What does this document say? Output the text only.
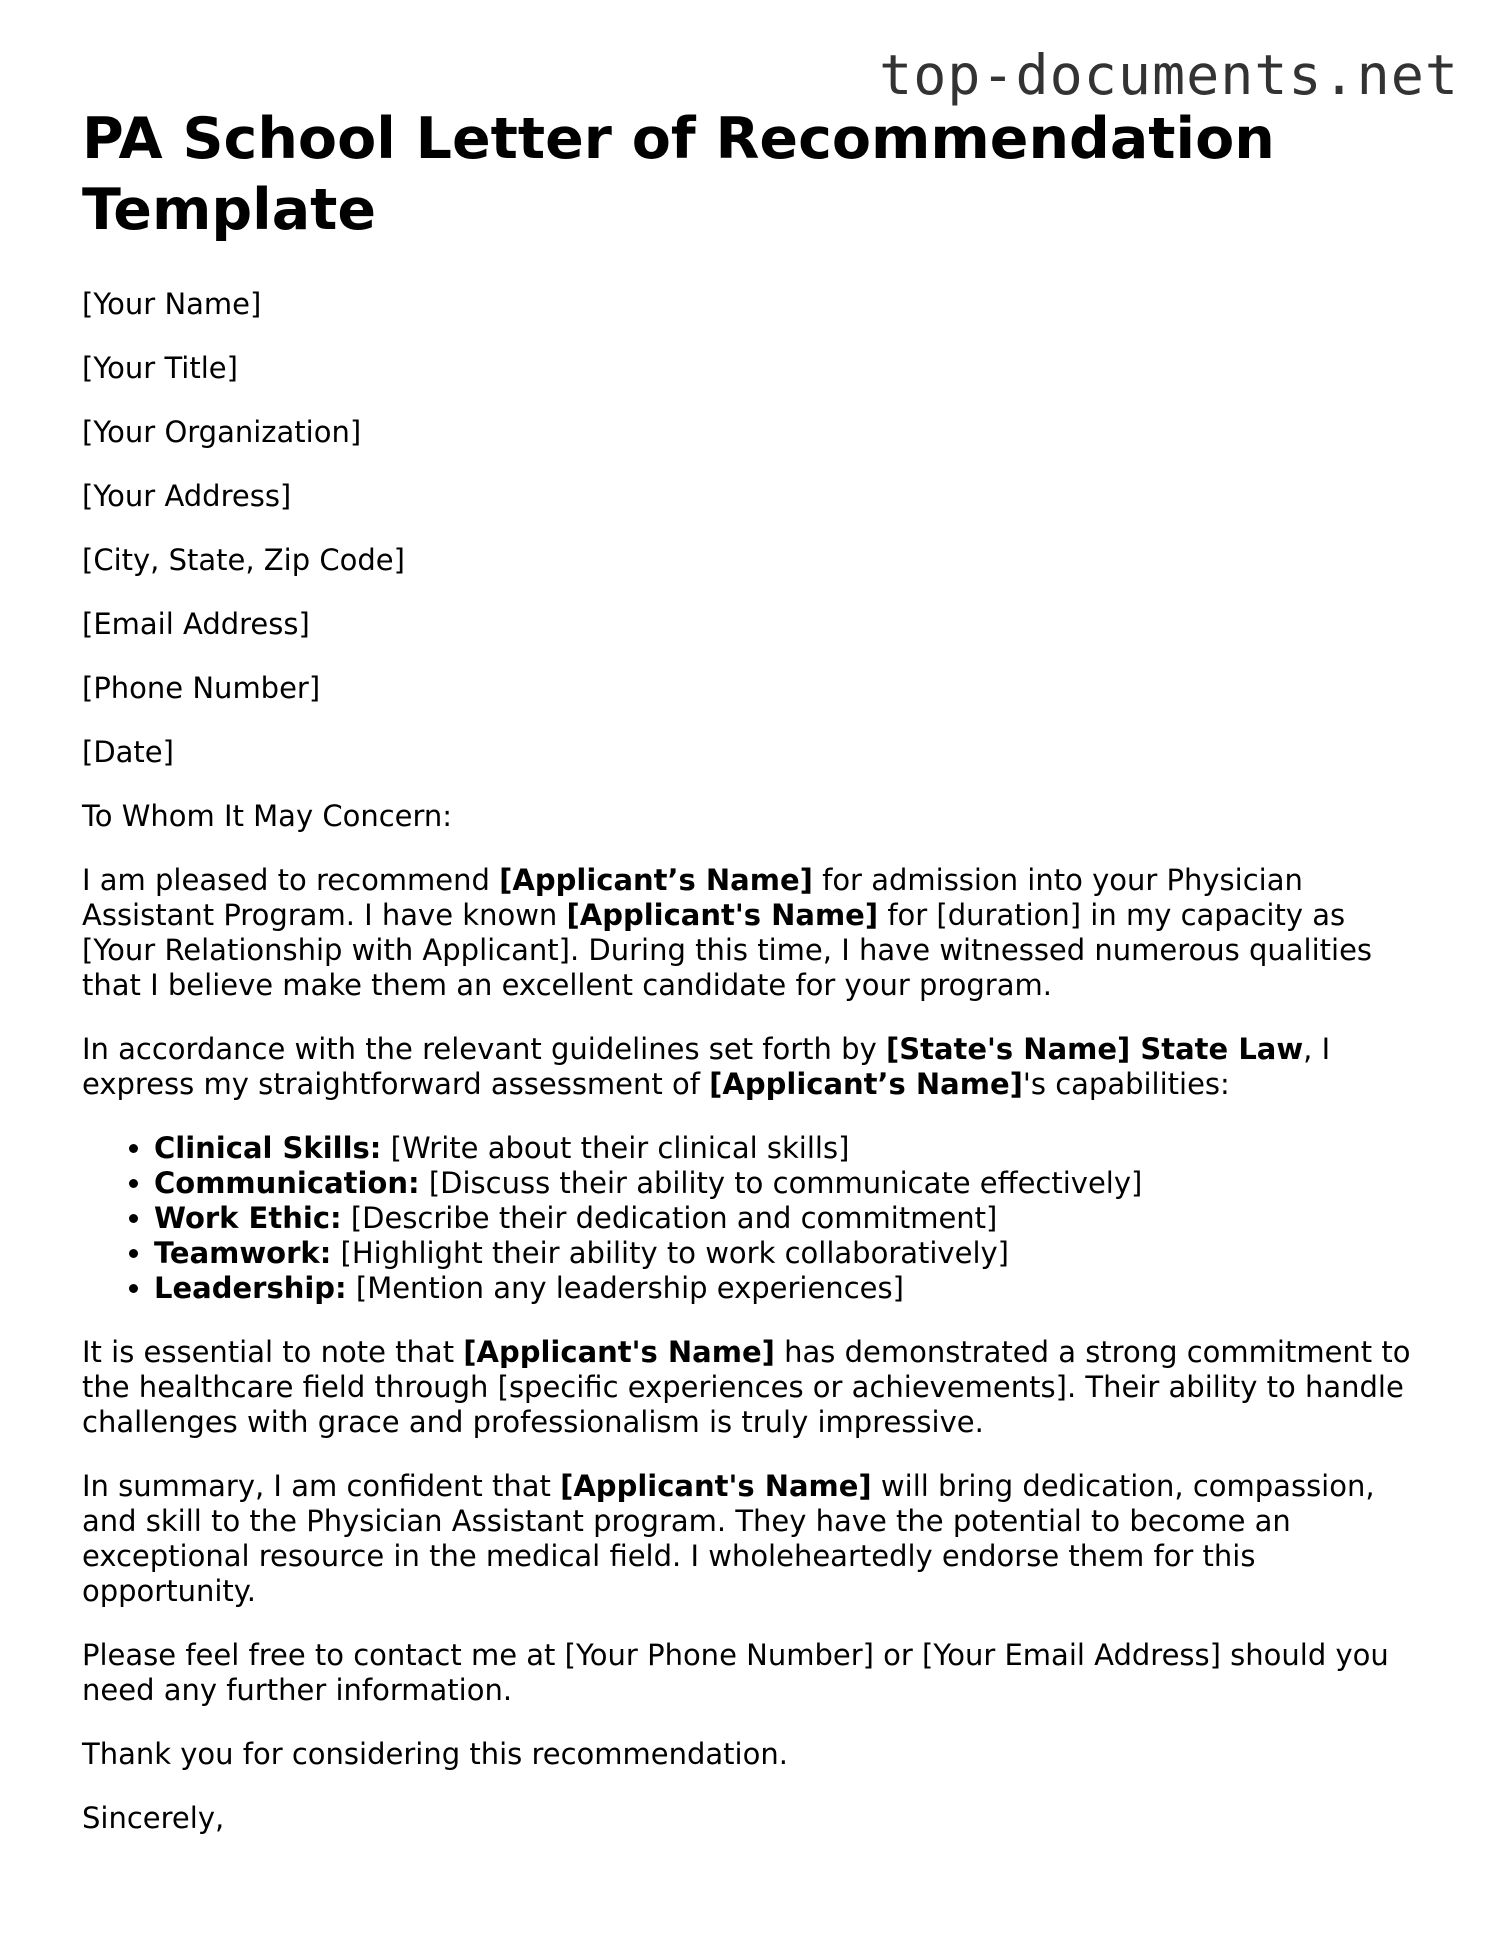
top-documents.net
PA School Letter of Recommendation Template

[Your Name]

[Your Title]

[Your Organization]

[Your Address]

[City, State, Zip Code]

[Email Address]

[Phone Number]

[Date]

To Whom It May Concern:

I am pleased to recommend [Applicant’s Name] for admission into your Physician Assistant Program. I have known [Applicant's Name] for [duration] in my capacity as [Your Relationship with Applicant]. During this time, I have witnessed numerous qualities that I believe make them an excellent candidate for your program.

In accordance with the relevant guidelines set forth by [State's Name] State Law, I express my straightforward assessment of [Applicant’s Name]'s capabilities:

• Clinical Skills: [Write about their clinical skills]
• Communication: [Discuss their ability to communicate effectively]
• Work Ethic: [Describe their dedication and commitment]
• Teamwork: [Highlight their ability to work collaboratively]
• Leadership: [Mention any leadership experiences]

It is essential to note that [Applicant's Name] has demonstrated a strong commitment to the healthcare field through [specific experiences or achievements]. Their ability to handle challenges with grace and professionalism is truly impressive.

In summary, I am confident that [Applicant's Name] will bring dedication, compassion, and skill to the Physician Assistant program. They have the potential to become an exceptional resource in the medical field. I wholeheartedly endorse them for this opportunity.

Please feel free to contact me at [Your Phone Number] or [Your Email Address] should you need any further information.

Thank you for considering this recommendation.

Sincerely,
